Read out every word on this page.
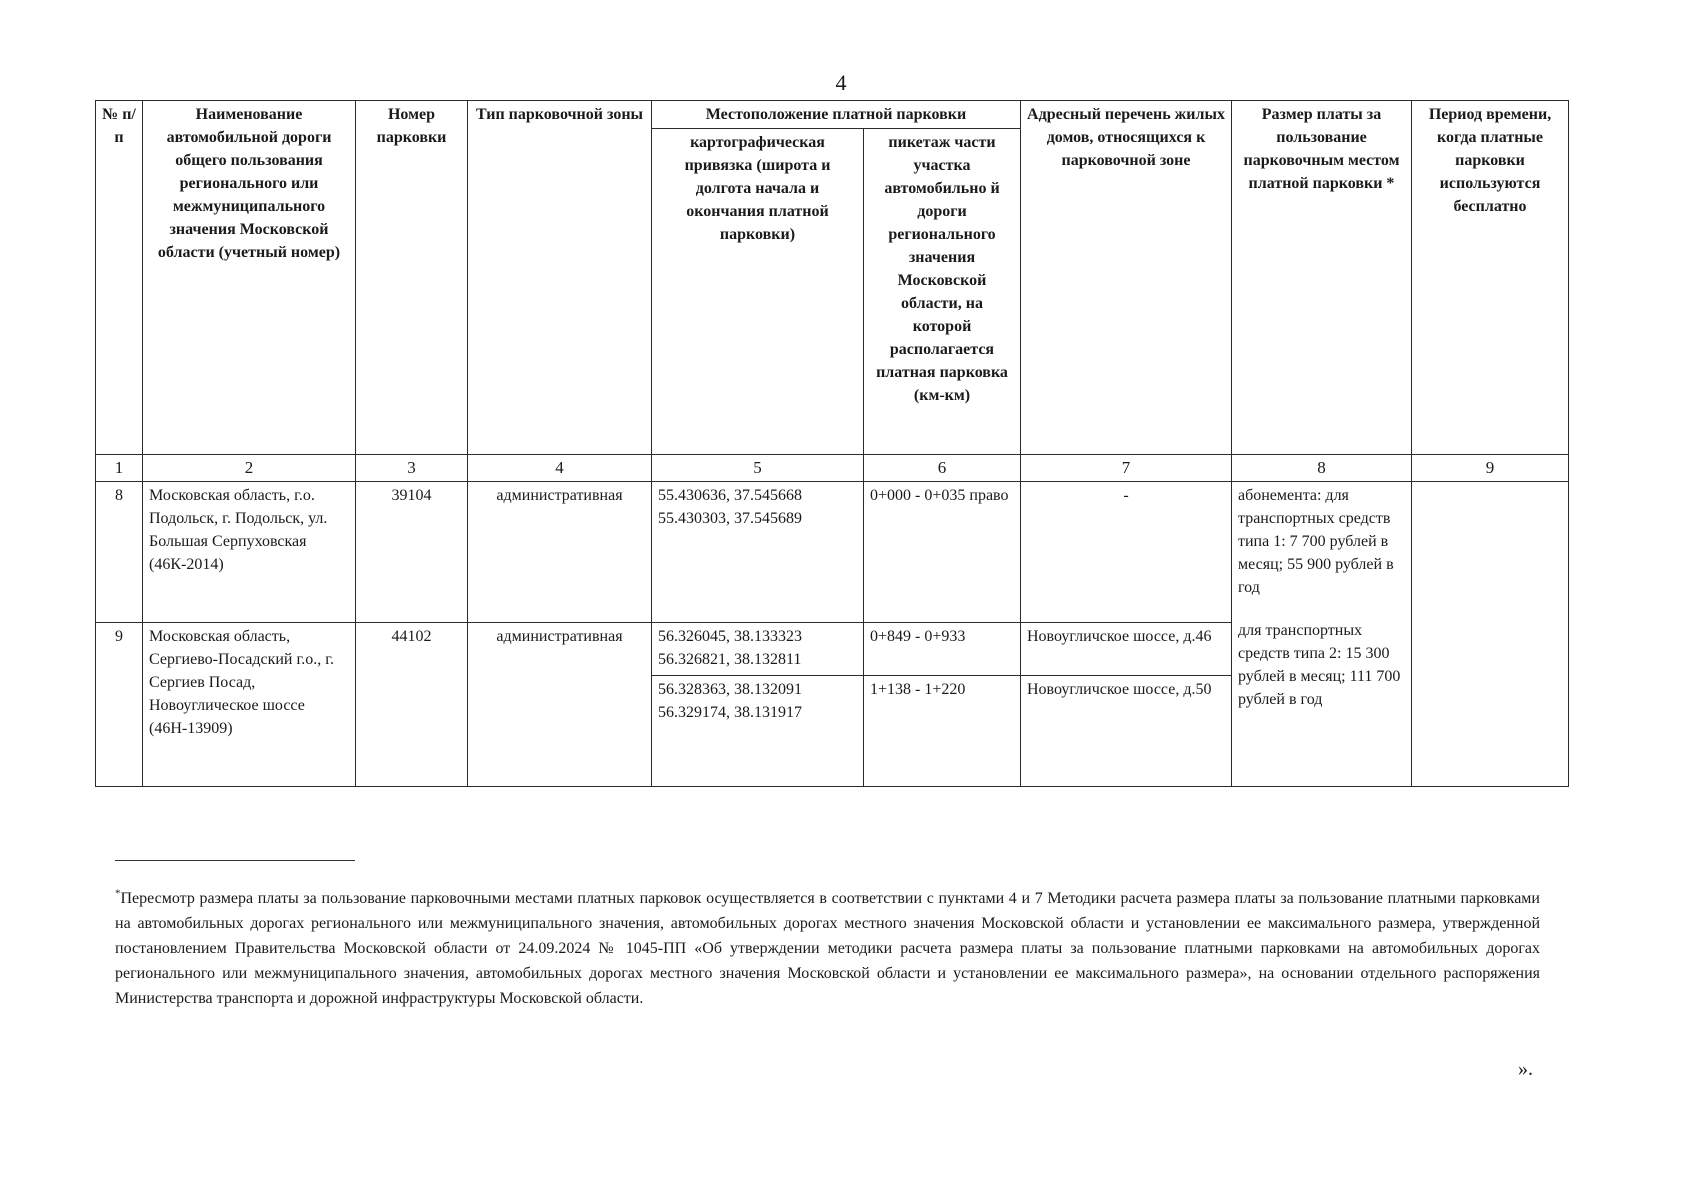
4
№ п/п	Наименование автомобильной дороги общего пользования регионального или межмуниципального значения Московской области (учетный номер)	Номер парковки	Тип парковочной зоны	Местоположение платной парковки		Адресный перечень жилых домов, относящихся к парковочной зоне	Размер платы за пользование парковочным местом платной парковки *	Период времени, когда платные парковки используются бесплатно
				картографическая привязка (широта и долгота начала и окончания платной парковки)	пикетаж части участка автомобильно й дороги регионального значения Московской области, на которой располагается платная парковка (км-км)			
1	2	3	4	5	6	7	8	9
8	Московская область, г.о. Подольск, г. Подольск, ул. Большая Серпуховская (46К-2014)	39104	административная	55.430636, 37.545668 55.430303, 37.545689	0+000 - 0+035 право	-	абонемента: для транспортных средств типа 1: 7 700 рублей в месяц; 55 900 рублей в год
для транспортных средств типа 2: 15 300 рублей в месяц; 111 700 рублей в год	

9	Московская область, Сергиево-Посадский г.о., г. Сергиев Посад, Новоуглическое шоссе (46Н-13909)	44102	административная	56.326045, 38.133323 56.326821, 38.132811	0+849 - 0+933	Новоугличское шоссе, д.46		
				56.328363, 38.132091 56.329174, 38.131917	1+138 - 1+220	Новоугличское шоссе, д.50		
*Пересмотр размера платы за пользование парковочными местами платных парковок осуществляется в соответствии с пунктами 4 и 7 Методики расчета размера платы за пользование платными парковками на автомобильных дорогах регионального или межмуниципального значения, автомобильных дорогах местного значения Московской области и установлении ее максимального размера, утвержденной постановлением Правительства Московской области от 24.09.2024 № 1045-ПП «Об утверждении методики расчета размера платы за пользование платными парковками на автомобильных дорогах регионального или межмуниципального значения, автомобильных дорогах местного значения Московской области и установлении ее максимального размера», на основании отдельного распоряжения Министерства транспорта и дорожной инфраструктуры Московской области.
».
